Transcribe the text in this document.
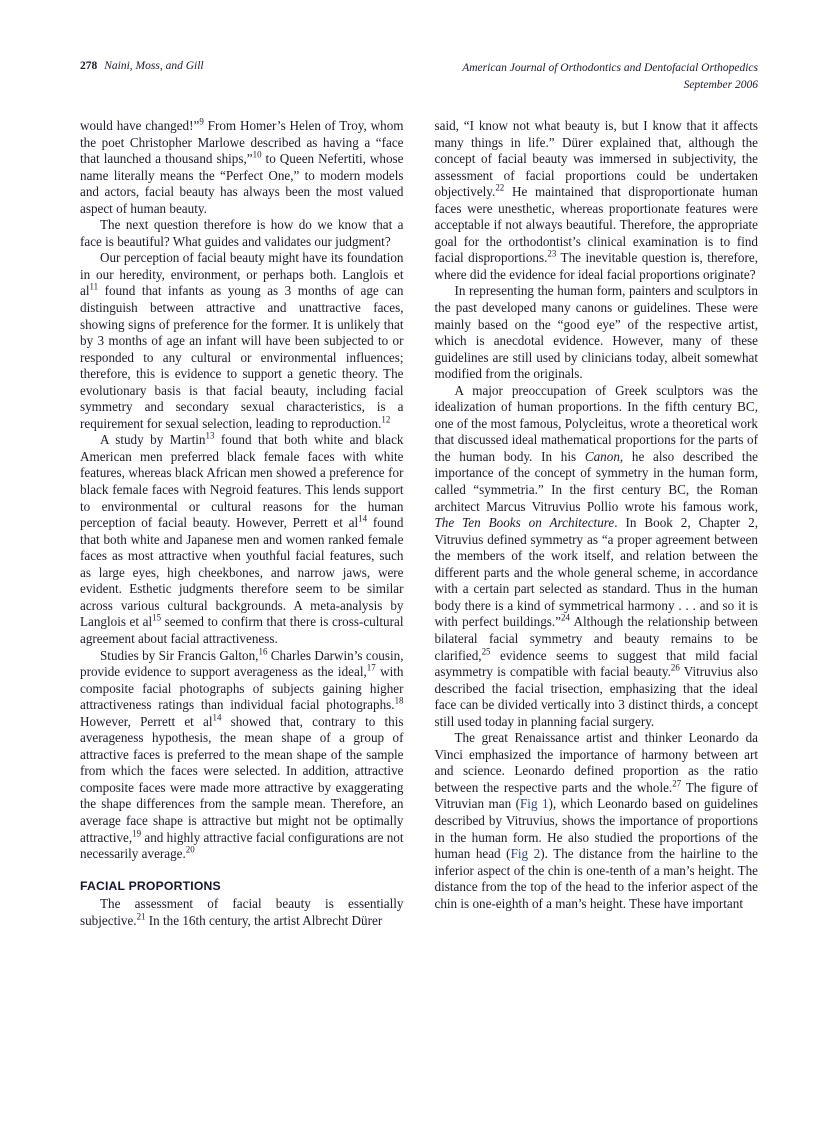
278 Naini, Moss, and Gill	American Journal of Orthodontics and Dentofacial Orthopedics
September 2006

would have changed!”$^9$ From Homer’s Helen of Troy, whom the poet Christopher Marlowe described as having a “face that launched a thousand ships,”$^{10}$ to Queen Nefertiti, whose name literally means the “Perfect One,” to modern models and actors, facial beauty has always been the most valued aspect of human beauty.

The next question therefore is how do we know that a face is beautiful? What guides and validates our judgment?

Our perception of facial beauty might have its foundation in our heredity, environment, or perhaps both. Langlois et $al^{11}$ found that infants as young as 3 months of age can distinguish between attractive and unattractive faces, showing signs of preference for the former. It is unlikely that by 3 months of age an infant will have been subjected to or responded to any cultural or environmental influences; therefore, this is evidence to support a genetic theory. The evolutionary basis is that facial beauty, including facial symmetry and secondary sexual characteristics, is a requirement for sexual selection, leading to reproduction.$^{12}$

A study by Martin$^{13}$ found that both white and black American men preferred black female faces with white features, whereas black African men showed a preference for black female faces with Negroid features. This lends support to environmental or cultural reasons for the human perception of facial beauty. However, Perrett et $al^{14}$ found that both white and Japanese men and women ranked female faces as most attractive when youthful facial features, such as large eyes, high cheekbones, and narrow jaws, were evident. Esthetic judgments therefore seem to be similar across various cultural backgrounds. A meta-analysis by Langlois et $al^{15}$ seemed to confirm that there is cross-cultural agreement about facial attractiveness.

Studies by Sir Francis Galton,$^{16}$ Charles Darwin’s cousin, provide evidence to support averageness as the ideal,$^{17}$ with composite facial photographs of subjects gaining higher attractiveness ratings than individual facial photographs.$^{18}$ However, Perrett et $al^{14}$ showed that, contrary to this averageness hypothesis, the mean shape of a group of attractive faces is preferred to the mean shape of the sample from which the faces were selected. In addition, attractive composite faces were made more attractive by exaggerating the shape differences from the sample mean. Therefore, an average face shape is attractive but might not be optimally attractive,$^{19}$ and highly attractive facial configurations are not necessarily average.$^{20}$

FACIAL PROPORTIONS

The assessment of facial beauty is essentially subjective.$^{21}$ In the 16th century, the artist Albrecht Dürer

said, “I know not what beauty is, but I know that it affects many things in life.” Dürer explained that, although the concept of facial beauty was immersed in subjectivity, the assessment of facial proportions could be undertaken objectively.$^{22}$ He maintained that disproportionate human faces were unesthetic, whereas proportionate features were acceptable if not always beautiful. Therefore, the appropriate goal for the orthodontist’s clinical examination is to find facial disproportions.$^{23}$ The inevitable question is, therefore, where did the evidence for ideal facial proportions originate?

In representing the human form, painters and sculptors in the past developed many canons or guidelines. These were mainly based on the “good eye” of the respective artist, which is anecdotal evidence. However, many of these guidelines are still used by clinicians today, albeit somewhat modified from the originals.

A major preoccupation of Greek sculptors was the idealization of human proportions. In the fifth century BC, one of the most famous, Polycleitus, wrote a theoretical work that discussed ideal mathematical proportions for the parts of the human body. In his Canon, he also described the importance of the concept of symmetry in the human form, called “symmetria.” In the first century BC, the Roman architect Marcus Vitruvius Pollio wrote his famous work, The Ten Books on Architecture. In Book 2, Chapter 2, Vitruvius defined symmetry as “a proper agreement between the members of the work itself, and relation between the different parts and the whole general scheme, in accordance with a certain part selected as standard. Thus in the human body there is a kind of symmetrical harmony . . . and so it is with perfect buildings.”$^{24}$ Although the relationship between bilateral facial symmetry and beauty remains to be clarified,$^{25}$ evidence seems to suggest that mild facial asymmetry is compatible with facial beauty.$^{26}$ Vitruvius also described the facial trisection, emphasizing that the ideal face can be divided vertically into 3 distinct thirds, a concept still used today in planning facial surgery.

The great Renaissance artist and thinker Leonardo da Vinci emphasized the importance of harmony between art and science. Leonardo defined proportion as the ratio between the respective parts and the whole.$^{27}$ The figure of Vitruvian man (Fig 1), which Leonardo based on guidelines described by Vitruvius, shows the importance of proportions in the human form. He also studied the proportions of the human head (Fig 2). The distance from the hairline to the inferior aspect of the chin is one-tenth of a man’s height. The distance from the top of the head to the inferior aspect of the chin is one-eighth of a man’s height. These have important
